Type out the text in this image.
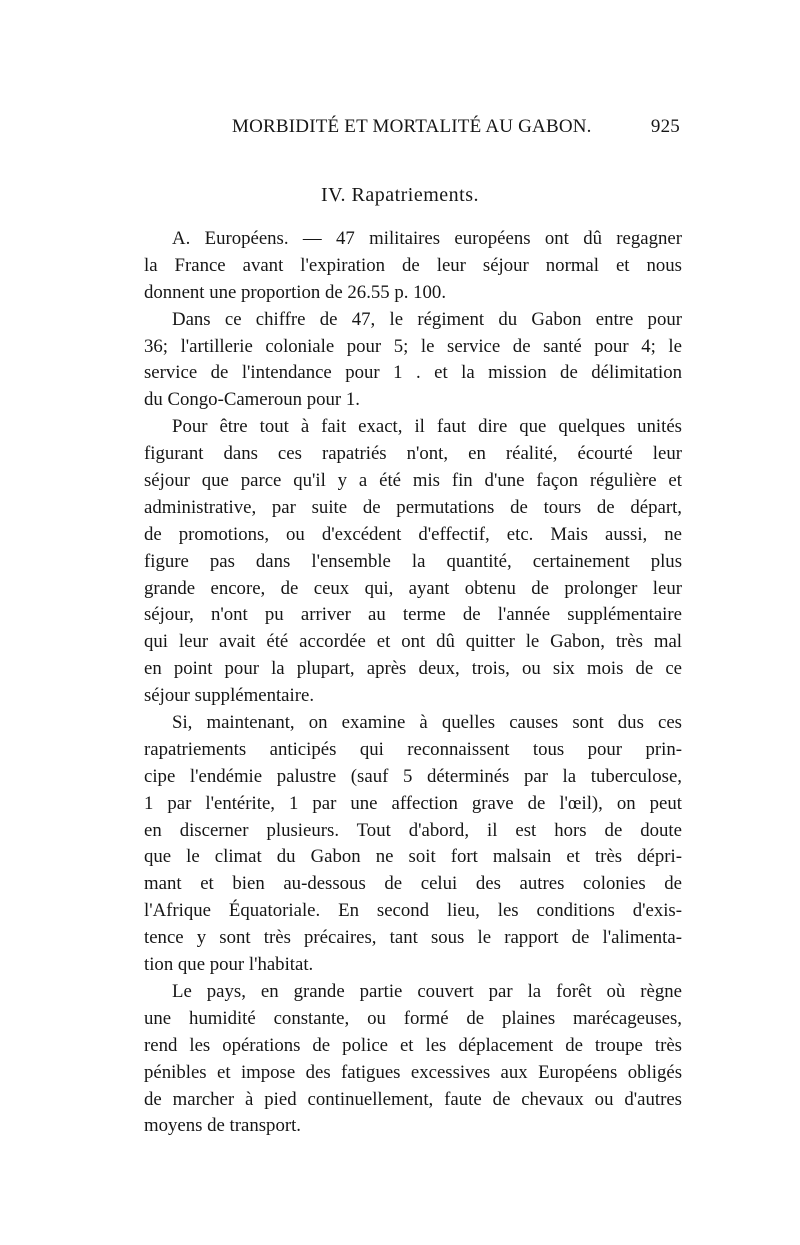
MORBIDITÉ ET MORTALITÉ AU GABON.	925
IV. Rapatriements.
A. Européens. — 47 militaires européens ont dû regagner
la France avant l'expiration de leur séjour normal et nous
donnent une proportion de 26.55 p. 100.
Dans ce chiffre de 47, le régiment du Gabon entre pour
36; l'artillerie coloniale pour 5; le service de santé pour 4; le
service de l'intendance pour 1 . et la mission de délimitation
du Congo-Cameroun pour 1.
Pour être tout à fait exact, il faut dire que quelques unités
figurant dans ces rapatriés n'ont, en réalité, écourté leur
séjour que parce qu'il y a été mis fin d'une façon régulière et
administrative, par suite de permutations de tours de départ,
de promotions, ou d'excédent d'effectif, etc. Mais aussi, ne
figure pas dans l'ensemble la quantité, certainement plus
grande encore, de ceux qui, ayant obtenu de prolonger leur
séjour, n'ont pu arriver au terme de l'année supplémentaire
qui leur avait été accordée et ont dû quitter le Gabon, très mal
en point pour la plupart, après deux, trois, ou six mois de ce
séjour supplémentaire.
Si, maintenant, on examine à quelles causes sont dus ces
rapatriements anticipés qui reconnaissent tous pour prin-
cipe l'endémie palustre (sauf 5 déterminés par la tuberculose,
1 par l'entérite, 1 par une affection grave de l'œil), on peut
en discerner plusieurs. Tout d'abord, il est hors de doute
que le climat du Gabon ne soit fort malsain et très dépri-
mant et bien au-dessous de celui des autres colonies de
l'Afrique Équatoriale. En second lieu, les conditions d'exis-
tence y sont très précaires, tant sous le rapport de l'alimenta-
tion que pour l'habitat.
Le pays, en grande partie couvert par la forêt où règne
une humidité constante, ou formé de plaines marécageuses,
rend les opérations de police et les déplacement de troupe très
pénibles et impose des fatigues excessives aux Européens obligés
de marcher à pied continuellement, faute de chevaux ou d'autres
moyens de transport.
